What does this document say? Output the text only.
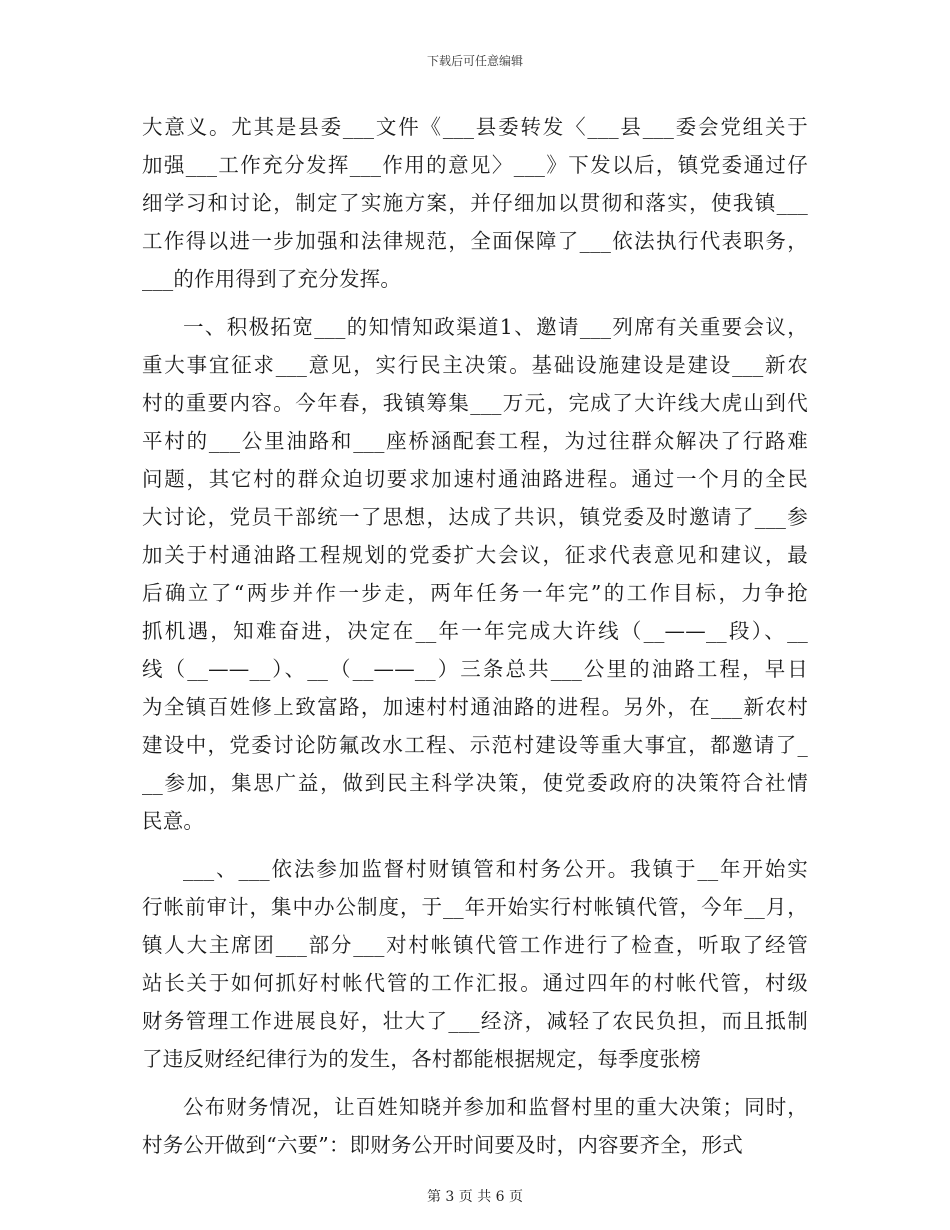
下载后可任意编辑
大意义。尤其是县委___文件《___县委转发〈___县___委会党组关于
加强___工作充分发挥___作用的意见〉___》下发以后，镇党委通过仔
细学习和讨论，制定了实施方案，并仔细加以贯彻和落实，使我镇___
工作得以进一步加强和法律规范，全面保障了___依法执行代表职务，
___的作用得到了充分发挥。
一、积极拓宽___的知情知政渠道1、邀请___列席有关重要会议，
重大事宜征求___意见，实行民主决策。基础设施建设是建设___新农
村的重要内容。今年春，我镇筹集___万元，完成了大许线大虎山到代
平村的___公里油路和___座桥涵配套工程，为过往群众解决了行路难
问题，其它村的群众迫切要求加速村通油路进程。通过一个月的全民
大讨论，党员干部统一了思想，达成了共识，镇党委及时邀请了___参
加关于村通油路工程规划的党委扩大会议，征求代表意见和建议，最
后确立了“两步并作一步走，两年任务一年完”的工作目标，力争抢
抓机遇，知难奋进，决定在__年一年完成大许线（__——__段）、__
线（__——__）、__（__——__）三条总共___公里的油路工程，早日
为全镇百姓修上致富路，加速村村通油路的进程。另外，在___新农村
建设中，党委讨论防氟改水工程、示范村建设等重大事宜，都邀请了_
__参加，集思广益，做到民主科学决策，使党委政府的决策符合社情
民意。
___、___依法参加监督村财镇管和村务公开。我镇于__年开始实
行帐前审计，集中办公制度，于__年开始实行村帐镇代管，今年__月，
镇人大主席团___部分___对村帐镇代管工作进行了检查，听取了经管
站长关于如何抓好村帐代管的工作汇报。通过四年的村帐代管，村级
财务管理工作进展良好，壮大了___经济，减轻了农民负担，而且抵制
了违反财经纪律行为的发生，各村都能根据规定，每季度张榜
公布财务情况，让百姓知晓并参加和监督村里的重大决策；同时，
村务公开做到“六要”：即财务公开时间要及时，内容要齐全，形式
第 3 页 共 6 页
